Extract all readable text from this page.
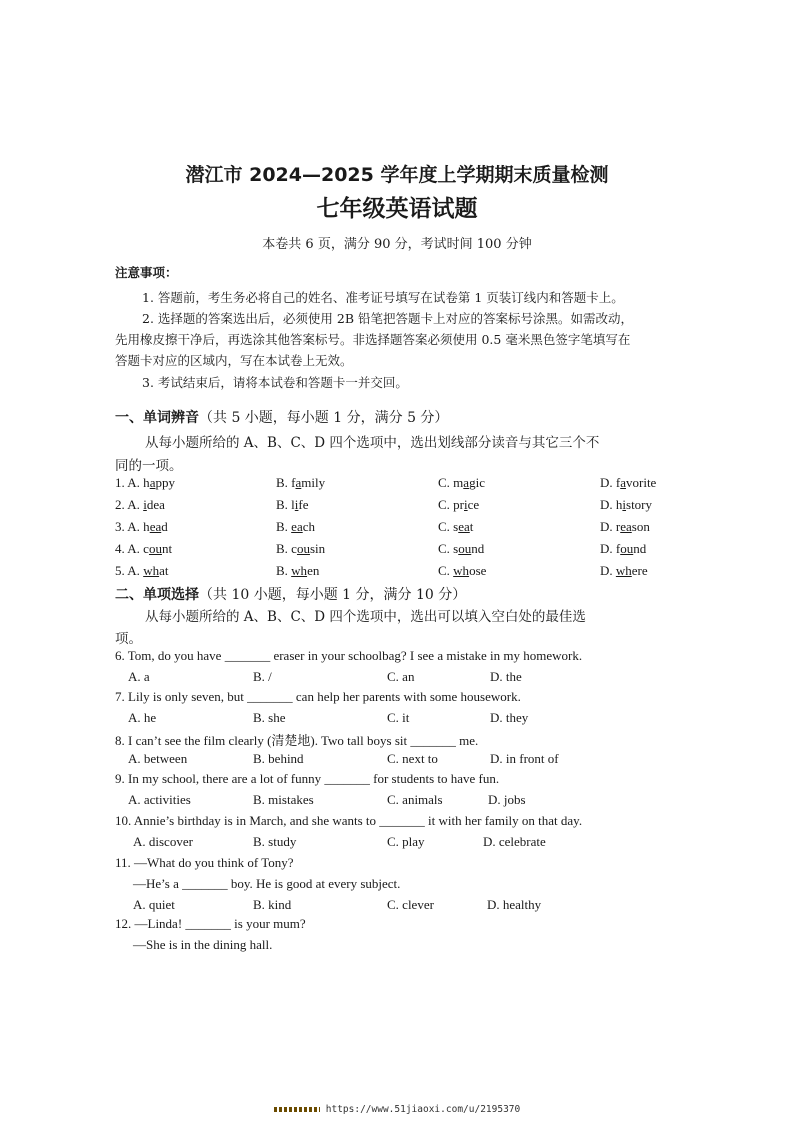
潜江市 2024—2025 学年度上学期期末质量检测
七年级英语试题
本卷共 6 页，满分 90 分，考试时间 100 分钟
注意事项：
1. 答题前，考生务必将自己的姓名、准考证号填写在试卷第 1 页装订线内和答题卡上。
2. 选择题的答案选出后，必须使用 2B 铅笔把答题卡上对应的答案标号涂黑。如需改动，
先用橡皮擦干净后，再选涂其他答案标号。非选择题答案必须使用 0.5 毫米黑色签字笔填写在
答题卡对应的区域内，写在本试卷上无效。
3. 考试结束后，请将本试卷和答题卡一并交回。
一、单词辨音（共 5 小题，每小题 1 分，满分 5 分）
从每小题所给的 A、B、C、D 四个选项中，选出划线部分读音与其它三个不
同的一项。
1. A. happy	B. family	C. magic	D. favorite
2. A. idea	B. life	C. price	D. history
3. A. head	B. each	C. seat	D. reason
4. A. count	B. cousin	C. sound	D. found
5. A. what	B. when	C. whose	D. where
二、单项选择（共 10 小题，每小题 1 分，满分 10 分）
从每小题所给的 A、B、C、D 四个选项中，选出可以填入空白处的最佳选
项。
6. Tom, do you have _______ eraser in your schoolbag? I see a mistake in my homework.
A. a	B. /	C. an	D. the
7. Lily is only seven, but _______ can help her parents with some housework.
A. he	B. she	C. it	D. they
8. I can’t see the film clearly (清楚地). Two tall boys sit _______ me.
A. between	B. behind	C. next to	D. in front of
9. In my school, there are a lot of funny _______ for students to have fun.
A. activities	B. mistakes	C. animals	D. jobs
10. Annie’s birthday is in March, and she wants to _______ it with her family on that day.
A. discover	B. study	C. play	D. celebrate
11. —What do you think of Tony?
—He’s a _______ boy. He is good at every subject.
A. quiet	B. kind	C. clever	D. healthy
12. —Linda! _______ is your mum?
—She is in the dining hall.
https://www.51jiaoxi.com/u/2195370
